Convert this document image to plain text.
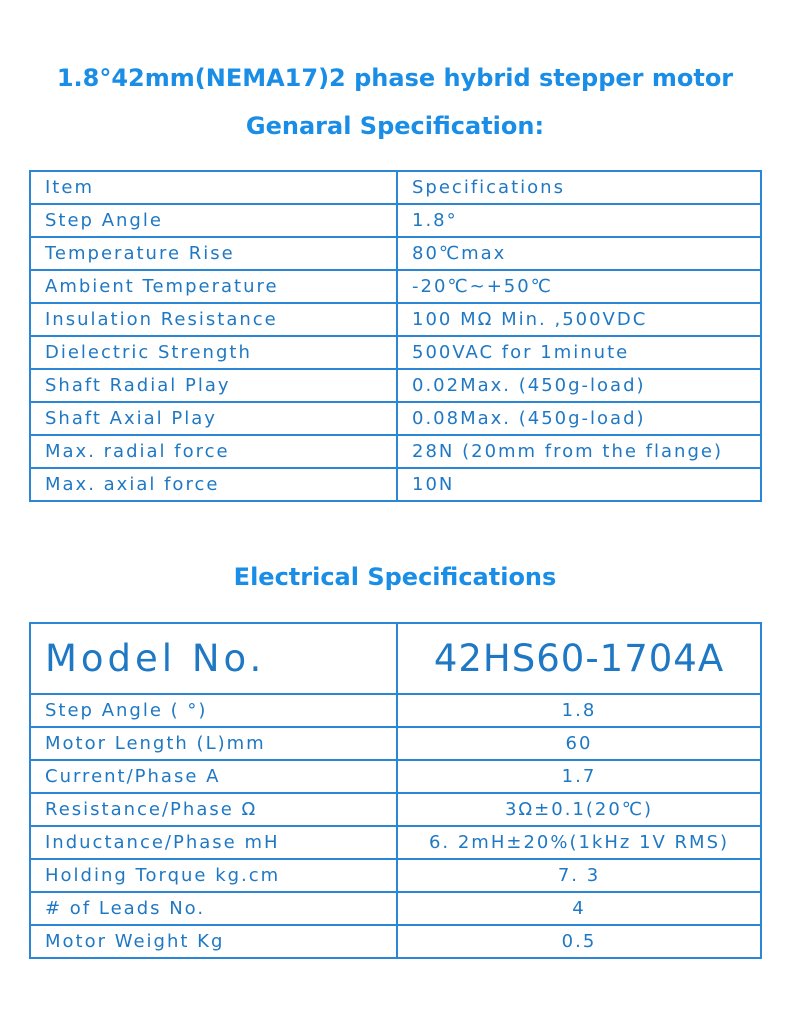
1.8°42mm(NEMA17)2 phase hybrid stepper motor
Genaral Specification:
Item	Specifications
Step Angle	1.8°
Temperature Rise	80℃max
Ambient Temperature	-20℃~+50℃
Insulation Resistance	100 MΩ Min. ,500VDC
Dielectric Strength	500VAC for 1minute
Shaft Radial Play	0.02Max. (450g-load)
Shaft Axial Play	0.08Max. (450g-load)
Max. radial force	28N (20mm from the flange)
Max. axial force	10N
Electrical Specifications
Model No.	42HS60-1704A
Step Angle ( °)	1.8
Motor Length (L)mm	60
Current/Phase A	1.7
Resistance/Phase Ω	3Ω±0.1(20℃)
Inductance/Phase mH	6. 2mH±20%(1kHz 1V RMS)
Holding Torque kg.cm	7. 3
# of Leads No.	4
Motor Weight Kg	0.5
